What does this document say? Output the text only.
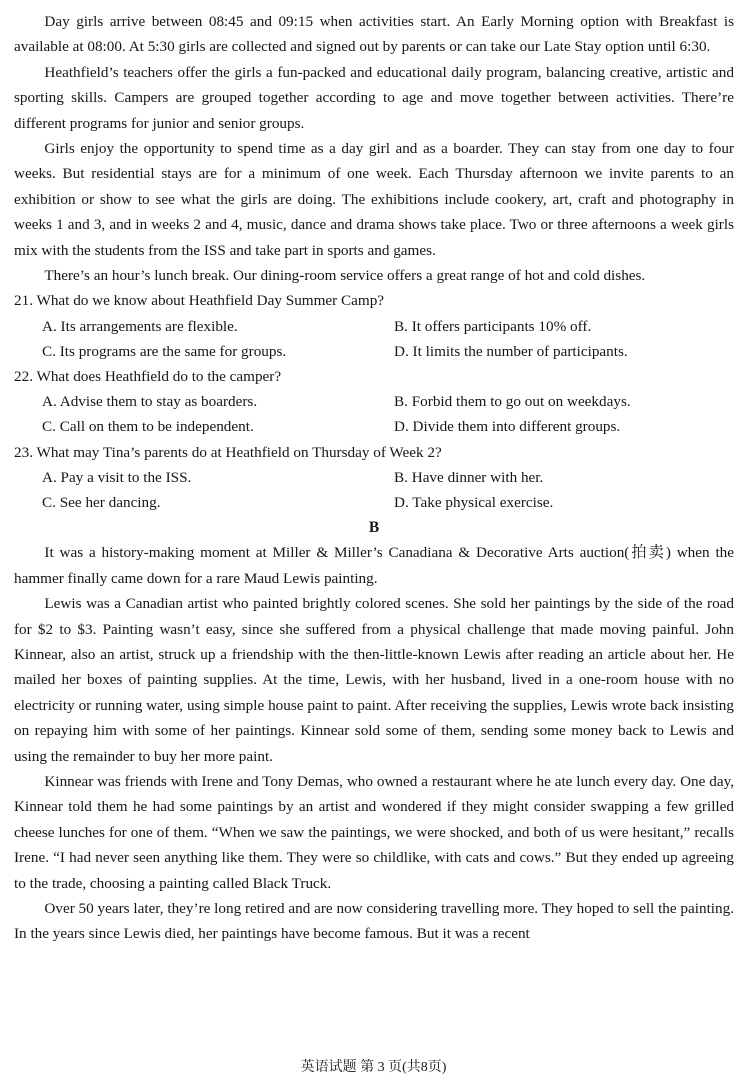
Day girls arrive between 08:45 and 09:15 when activities start. An Early Morning option with Breakfast is available at 08:00. At 5:30 girls are collected and signed out by parents or can take our Late Stay option until 6:30.

Heathfield’s teachers offer the girls a fun-packed and educational daily program, balancing creative, artistic and sporting skills. Campers are grouped together according to age and move together between activities. There’re different programs for junior and senior groups.

Girls enjoy the opportunity to spend time as a day girl and as a boarder. They can stay from one day to four weeks. But residential stays are for a minimum of one week. Each Thursday afternoon we invite parents to an exhibition or show to see what the girls are doing. The exhibitions include cookery, art, craft and photography in weeks 1 and 3, and in weeks 2 and 4, music, dance and drama shows take place. Two or three afternoons a week girls mix with the students from the ISS and take part in sports and games.

There’s an hour’s lunch break. Our dining-room service offers a great range of hot and cold dishes.

21. What do we know about Heathfield Day Summer Camp?

A. Its arrangements are flexible.	B. It offers participants 10% off.
C. Its programs are the same for groups.	D. It limits the number of participants.

22. What does Heathfield do to the camper?

A. Advise them to stay as boarders.	B. Forbid them to go out on weekdays.
C. Call on them to be independent.	D. Divide them into different groups.

23. What may Tina’s parents do at Heathfield on Thursday of Week 2?

A. Pay a visit to the ISS.	B. Have dinner with her.
C. See her dancing.	D. Take physical exercise.

B

It was a history-making moment at Miller & Miller’s Canadiana & Decorative Arts auction(拍卖) when the hammer finally came down for a rare Maud Lewis painting.

Lewis was a Canadian artist who painted brightly colored scenes. She sold her paintings by the side of the road for $2 to $3. Painting wasn’t easy, since she suffered from a physical challenge that made moving painful. John Kinnear, also an artist, struck up a friendship with the then-little-known Lewis after reading an article about her. He mailed her boxes of painting supplies. At the time, Lewis, with her husband, lived in a one-room house with no electricity or running water, using simple house paint to paint. After receiving the supplies, Lewis wrote back insisting on repaying him with some of her paintings. Kinnear sold some of them, sending some money back to Lewis and using the remainder to buy her more paint.

Kinnear was friends with Irene and Tony Demas, who owned a restaurant where he ate lunch every day. One day, Kinnear told them he had some paintings by an artist and wondered if they might consider swapping a few grilled cheese lunches for one of them. “When we saw the paintings, we were shocked, and both of us were hesitant,” recalls Irene. “I had never seen anything like them. They were so childlike, with cats and cows.” But they ended up agreeing to the trade, choosing a painting called Black Truck.

Over 50 years later, they’re long retired and are now considering travelling more. They hoped to sell the painting. In the years since Lewis died, her paintings have become famous. But it was a recent

英语试题 第 3 页(共8页)
